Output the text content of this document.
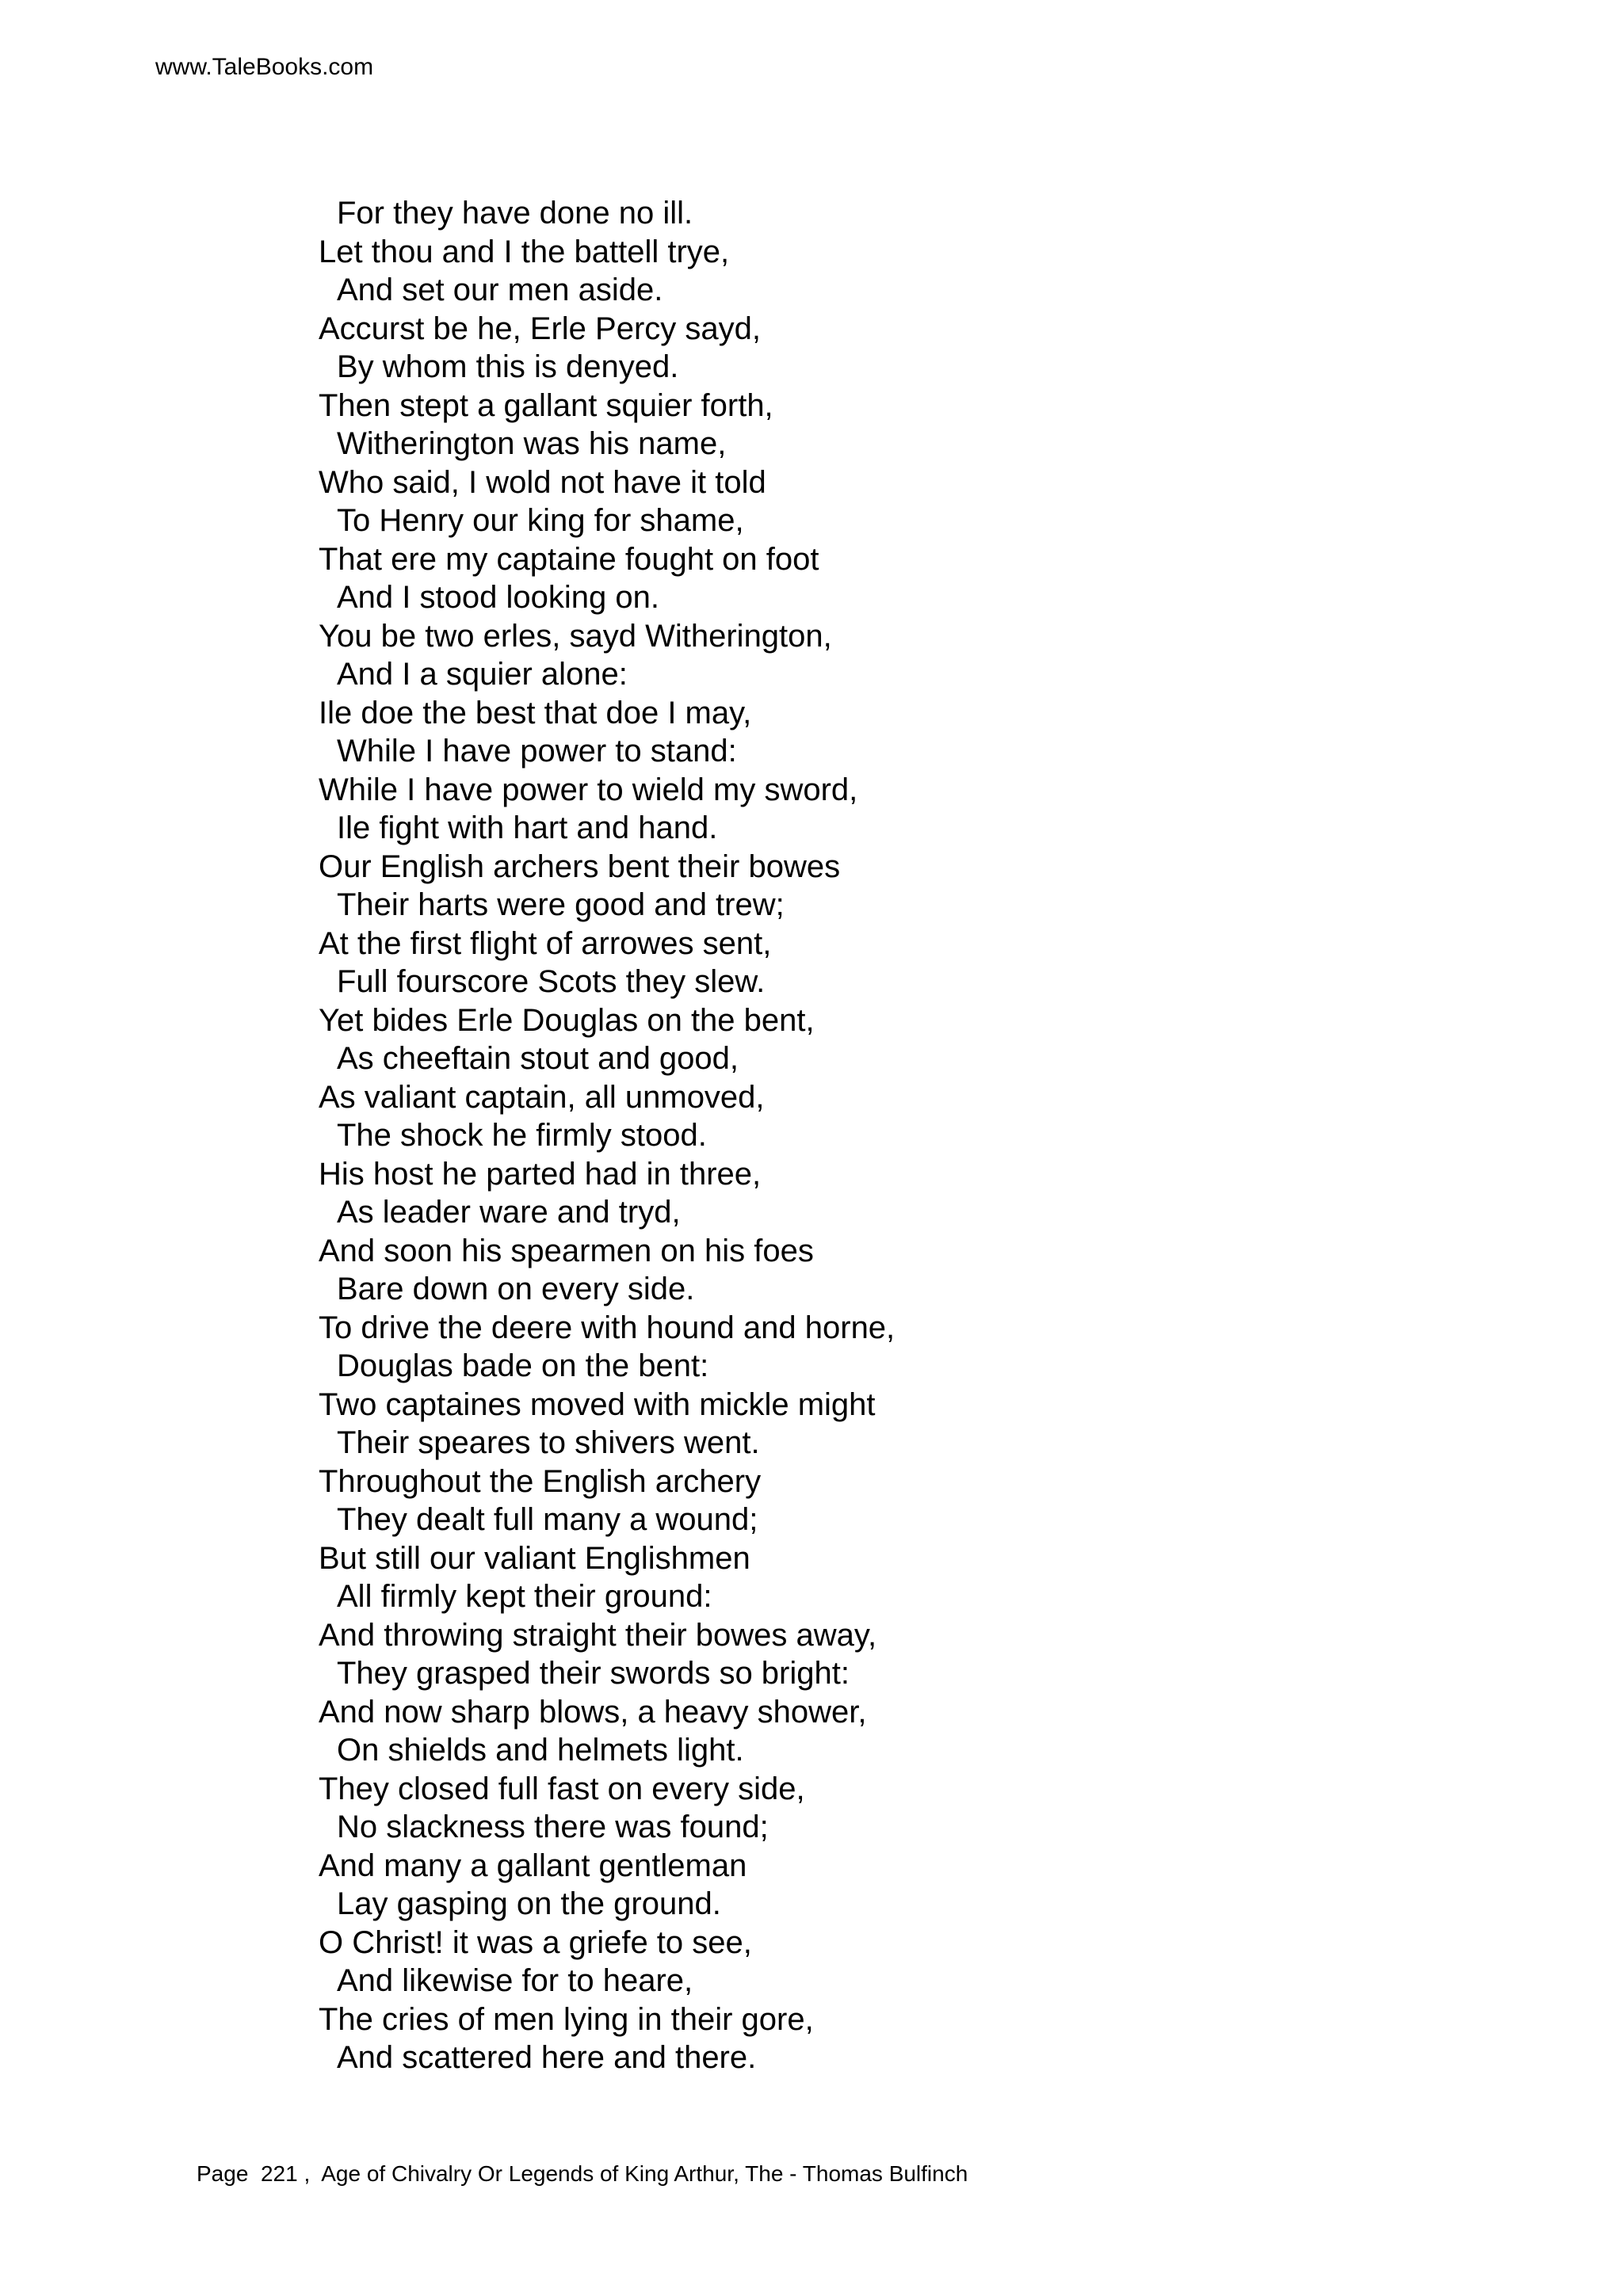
www.TaleBooks.com
For they have done no ill.
Let thou and I the battell trye,
And set our men aside.
Accurst be he, Erle Percy sayd,
By whom this is denyed.
Then stept a gallant squier forth,
Witherington was his name,
Who said, I wold not have it told
To Henry our king for shame,
That ere my captaine fought on foot
And I stood looking on.
You be two erles, sayd Witherington,
And I a squier alone:
Ile doe the best that doe I may,
While I have power to stand:
While I have power to wield my sword,
Ile fight with hart and hand.
Our English archers bent their bowes
Their harts were good and trew;
At the first flight of arrowes sent,
Full fourscore Scots they slew.
Yet bides Erle Douglas on the bent,
As cheeftain stout and good,
As valiant captain, all unmoved,
The shock he firmly stood.
His host he parted had in three,
As leader ware and tryd,
And soon his spearmen on his foes
Bare down on every side.
To drive the deere with hound and horne,
Douglas bade on the bent:
Two captaines moved with mickle might
Their speares to shivers went.
Throughout the English archery
They dealt full many a wound;
But still our valiant Englishmen
All firmly kept their ground:
And throwing straight their bowes away,
They grasped their swords so bright:
And now sharp blows, a heavy shower,
On shields and helmets light.
They closed full fast on every side,
No slackness there was found;
And many a gallant gentleman
Lay gasping on the ground.
O Christ! it was a griefe to see,
And likewise for to heare,
The cries of men lying in their gore,
And scattered here and there.
Page  221 ,  Age of Chivalry Or Legends of King Arthur, The - Thomas Bulfinch
